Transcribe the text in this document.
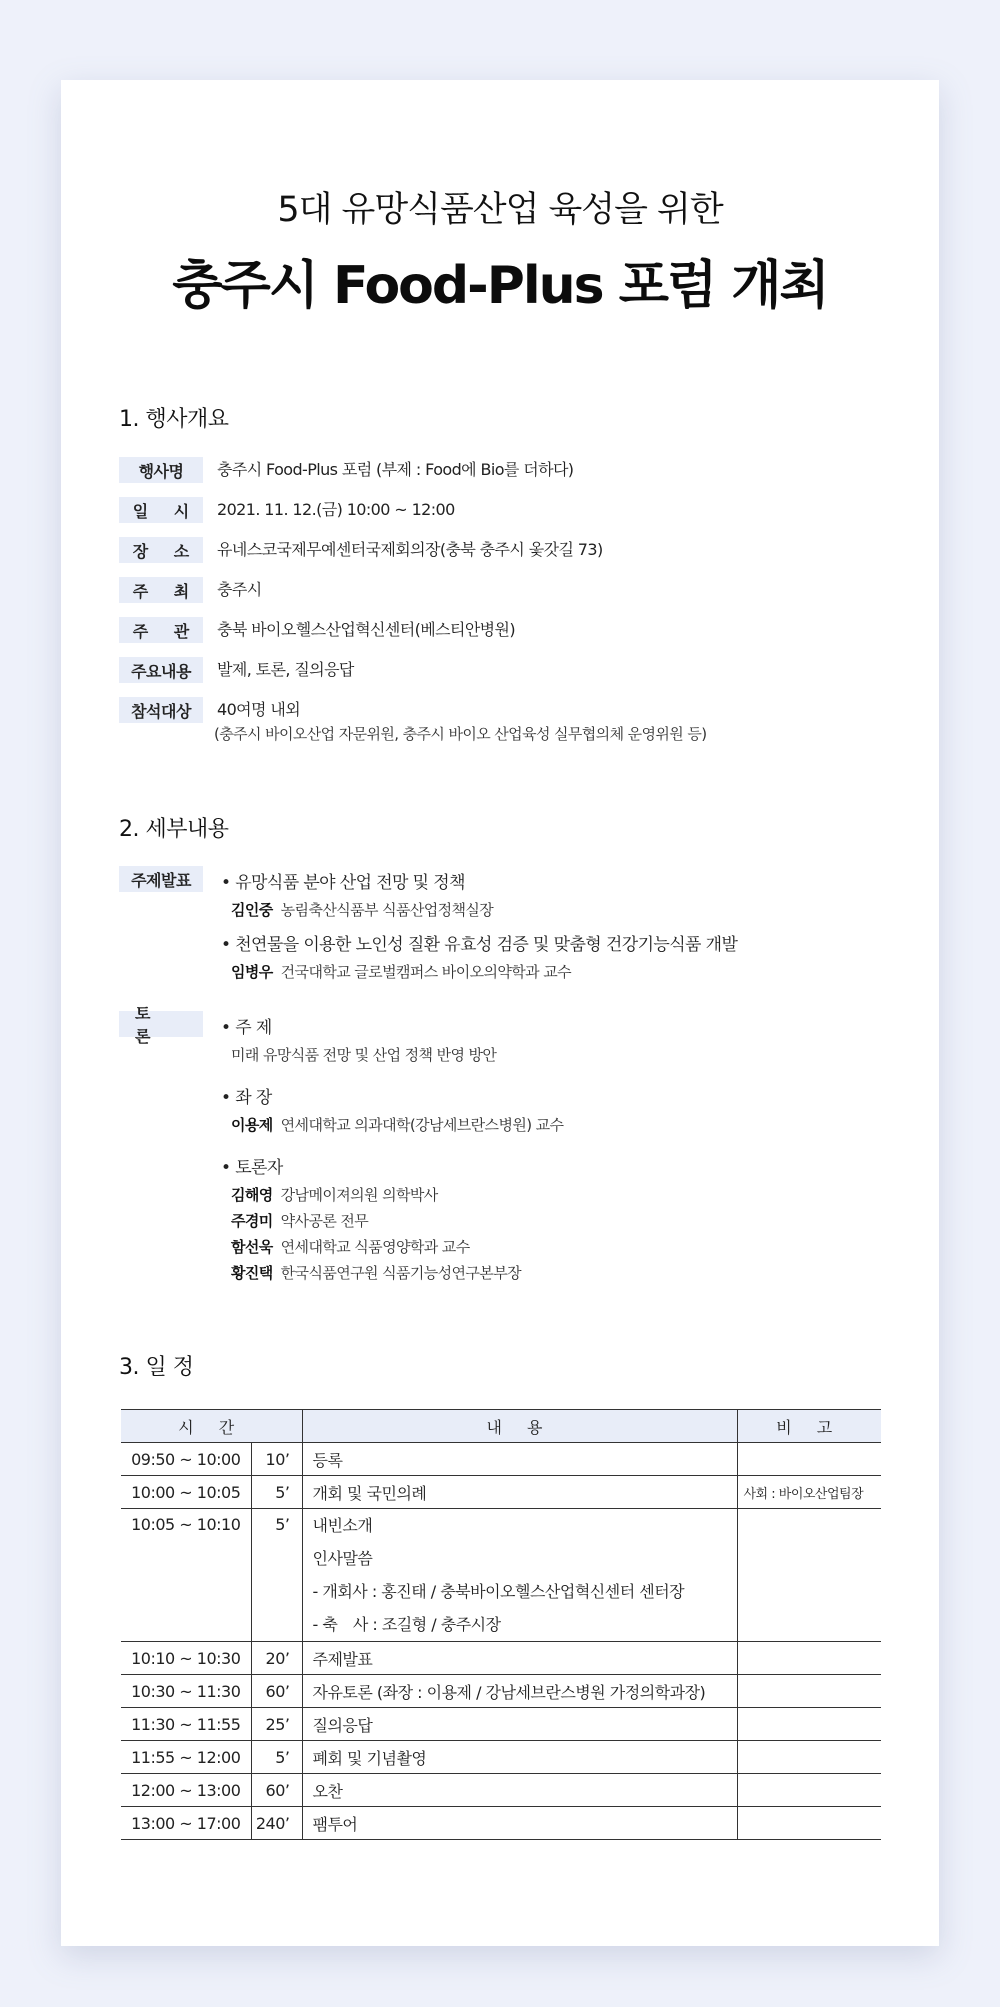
5대 유망식품산업 육성을 위한
충주시 Food-Plus 포럼 개최
1. 행사개요
행사명	충주시 Food-Plus 포럼 (부제 : Food에 Bio를 더하다)
일 시 2021. 11. 12.(금) 10:00 ~ 12:00
장 소 유네스코국제무예센터국제회의장(충북 충주시 옻갓길 73)
주 최 충주시
주 관 충북 바이오헬스산업혁신센터(베스티안병원)
주요내용	발제, 토론, 질의응답
참석대상	40여명 내외
(충주시 바이오산업 자문위원, 충주시 바이오 산업육성 실무협의체 운영위원 등)
2. 세부내용
주제발표	• 유망식품 분야 산업 전망 및 정책
김인중 농림축산식품부 식품산업정책실장
• 천연물을 이용한 노인성 질환 유효성 검증 및 맞춤형 건강기능식품 개발
임병우 건국대학교 글로벌캠퍼스 바이오의약학과 교수
토 론	• 주 제
미래 유망식품 전망 및 산업 정책 반영 방안
• 좌 장
이용제 연세대학교 의과대학(강남세브란스병원) 교수
• 토론자
김해영 강남메이져의원 의학박사
주경미 약사공론 전무
함선욱 연세대학교 식품영양학과 교수
황진택 한국식품연구원 식품기능성연구본부장
3. 일 정
시 간		내 용	비 고
09:50 ~ 10:00	10’	등록	
10:00 ~ 10:05	5’	개회 및 국민의례	사회 : 바이오산업팀장
10:05 ~ 10:10	5’	내빈소개
인사말씀
- 개회사 : 홍진태 / 충북바이오헬스산업혁신센터 센터장
- 축　사 : 조길형 / 충주시장	

10:10 ~ 10:30	20’	주제발표	
10:30 ~ 11:30	60’	자유토론 (좌장 : 이용제 / 강남세브란스병원 가정의학과장)	
11:30 ~ 11:55	25’	질의응답	
11:55 ~ 12:00	5’	폐회 및 기념촬영	
12:00 ~ 13:00	60’	오찬	
13:00 ~ 17:00	240’	팸투어	
